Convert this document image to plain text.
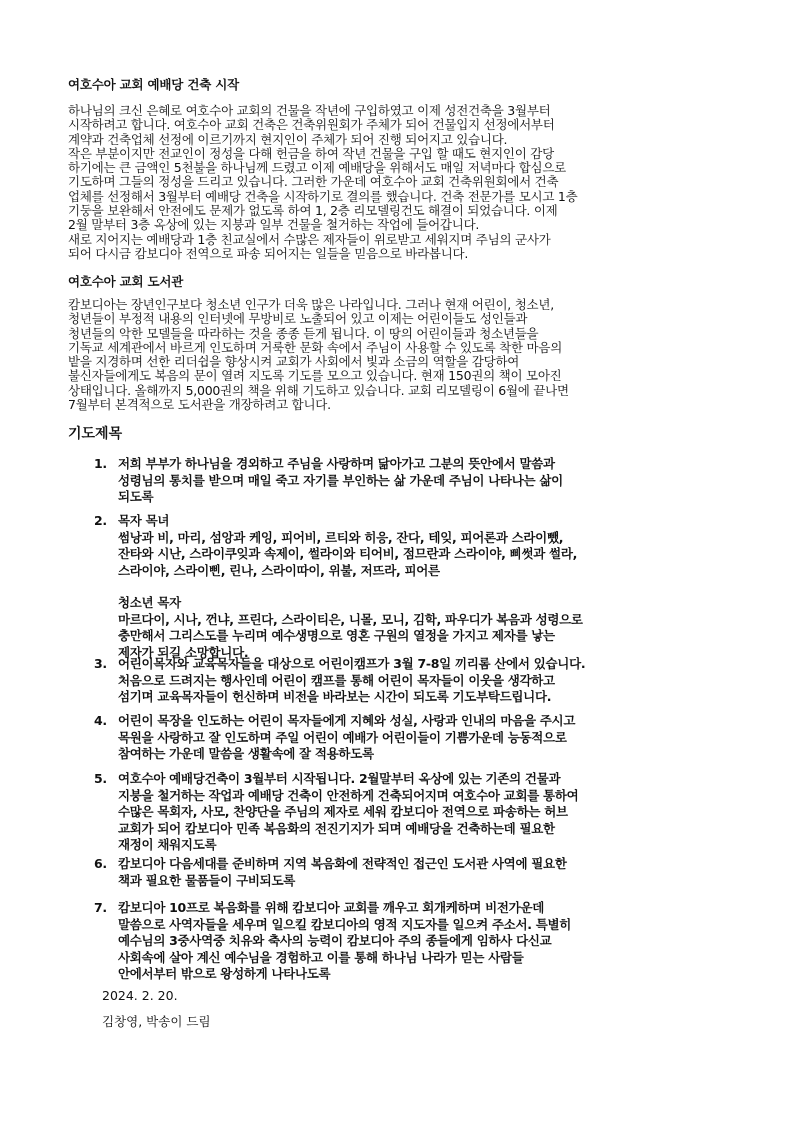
여호수아 교회 예배당 건축 시작
하나님의 크신 은혜로 여호수아 교회의 건물을 작년에 구입하였고 이제 성전건축을 3월부터
시작하려고 합니다. 여호수아 교회 건축은 건축위원회가 주체가 되어 건물입지 선정에서부터
계약과 건축업체 선정에 이르기까지 현지인이 주체가 되어 진행 되어지고 있습니다.
작은 부분이지만 전교인이 정성을 다해 헌금을 하여 작년 건물을 구입 할 때도 현지인이 감당
하기에는 큰 금액인 5천불을 하나님께 드렸고 이제 예배당을 위해서도 매일 저녁마다 합심으로
기도하며 그들의 정성을 드리고 있습니다. 그러한 가운데 여호수아 교회 건축위원회에서 건축
업체를 선정해서 3월부터 예배당 건축을 시작하기로 결의를 했습니다. 건축 전문가를 모시고 1층
기둥을 보완해서 안전에도 문제가 없도록 하여 1, 2층 리모델링건도 해결이 되었습니다. 이제
2월 말부터 3층 옥상에 있는 지붕과 일부 건물을 철거하는 작업에 들어갑니다.
새로 지어지는 예배당과 1층 친교실에서 수많은 제자들이 위로받고 세워지며 주님의 군사가
되어 다시금 캄보디아 전역으로 파송 되어지는 일들을 믿음으로 바라봅니다.
여호수아 교회 도서관
캄보디아는 장년인구보다 청소년 인구가 더욱 많은 나라입니다. 그러나 현재 어린이, 청소년,
청년들이 부정적 내용의 인터넷에 무방비로 노출되어 있고 이제는 어린이들도 성인들과
청년들의 악한 모델들을 따라하는 것을 종종 듣게 됩니다. 이 땅의 어린이들과 청소년들을
기독교 세계관에서 바르게 인도하며 거룩한 문화 속에서 주님이 사용할 수 있도록 착한 마음의
밭을 지경하며 선한 리더쉽을 향상시켜 교회가 사회에서 빛과 소금의 역할을 감당하여
불신자들에게도 복음의 문이 열려 지도록 기도를 모으고 있습니다. 현재 150권의 책이 모아진
상태입니다. 올해까지 5,000권의 책을 위해 기도하고 있습니다. 교회 리모델링이 6월에 끝나면
7월부터 본격적으로 도서관을 개장하려고 합니다.
기도제목
1. 저희 부부가 하나님을 경외하고 주님을 사랑하며 닮아가고 그분의 뜻안에서 말씀과
성령님의 통치를 받으며 매일 죽고 자기를 부인하는 삶 가운데 주님이 나타나는 삶이
되도록
2. 목자 목녀
썸낭과 비, 마리, 섬앙과 케잉, 피어비, 르티와 히응, 잔다, 테잊, 피어론과 스라이뺐,
잔타와 시난, 스라이쿠잊과 속제이, 썰라이와 티어비, 점므란과 스라이야, 삐썻과 썰라,
스라이야, 스라이삔, 린나, 스라이따이, 위불, 저뜨라, 피어른
청소년 목자
마르다이, 시나, 껀냐, 프린다, 스라이티은, 니몰, 모니, 김학, 파우디가 복음과 성령으로
충만해서 그리스도를 누리며 예수생명으로 영혼 구원의 열정을 가지고 제자를 낳는
제자가 되길 소망합니다.
3. 어린이목자와 교육목자들을 대상으로 어린이캠프가 3월 7-8일 끼리롬 산에서 있습니다.
처음으로 드려지는 행사인데 어린이 캠프를 통해 어린이 목자들이 이웃을 생각하고
섬기며 교육목자들이 헌신하며 비전을 바라보는 시간이 되도록 기도부탁드립니다.
4. 어린이 목장을 인도하는 어린이 목자들에게 지혜와 성실, 사랑과 인내의 마음을 주시고
목원을 사랑하고 잘 인도하며 주일 어린이 예배가 어린이들이 기쁨가운데 능동적으로
참여하는 가운데 말씀을 생활속에 잘 적용하도록
5. 여호수아 예배당건축이 3월부터 시작됩니다. 2월말부터 옥상에 있는 기존의 건물과
지붕을 철거하는 작업과 예배당 건축이 안전하게 건축되어지며 여호수아 교회를 통하여
수많은 목회자, 사모, 찬양단을 주님의 제자로 세워 캄보디아 전역으로 파송하는 허브
교회가 되어 캄보디아 민족 복음화의 전진기지가 되며 예배당을 건축하는데 필요한
재정이 채워지도록
6. 캄보디아 다음세대를 준비하며 지역 복음화에 전략적인 접근인 도서관 사역에 필요한
책과 필요한 물품들이 구비되도록
7. 캄보디아 10프로 복음화를 위해 캄보디아 교회를 깨우고 회개케하며 비전가운데
말씀으로 사역자들을 세우며 일으킬 캄보디아의 영적 지도자를 일으켜 주소서. 특별히
예수님의 3중사역중 치유와 축사의 능력이 캄보디아 주의 종들에게 임하사 다신교
사회속에 살아 계신 예수님을 경험하고 이를 통해 하나님 나라가 믿는 사람들
안에서부터 밖으로 왕성하게 나타나도록
2024. 2. 20.
김창영, 박송이 드림
